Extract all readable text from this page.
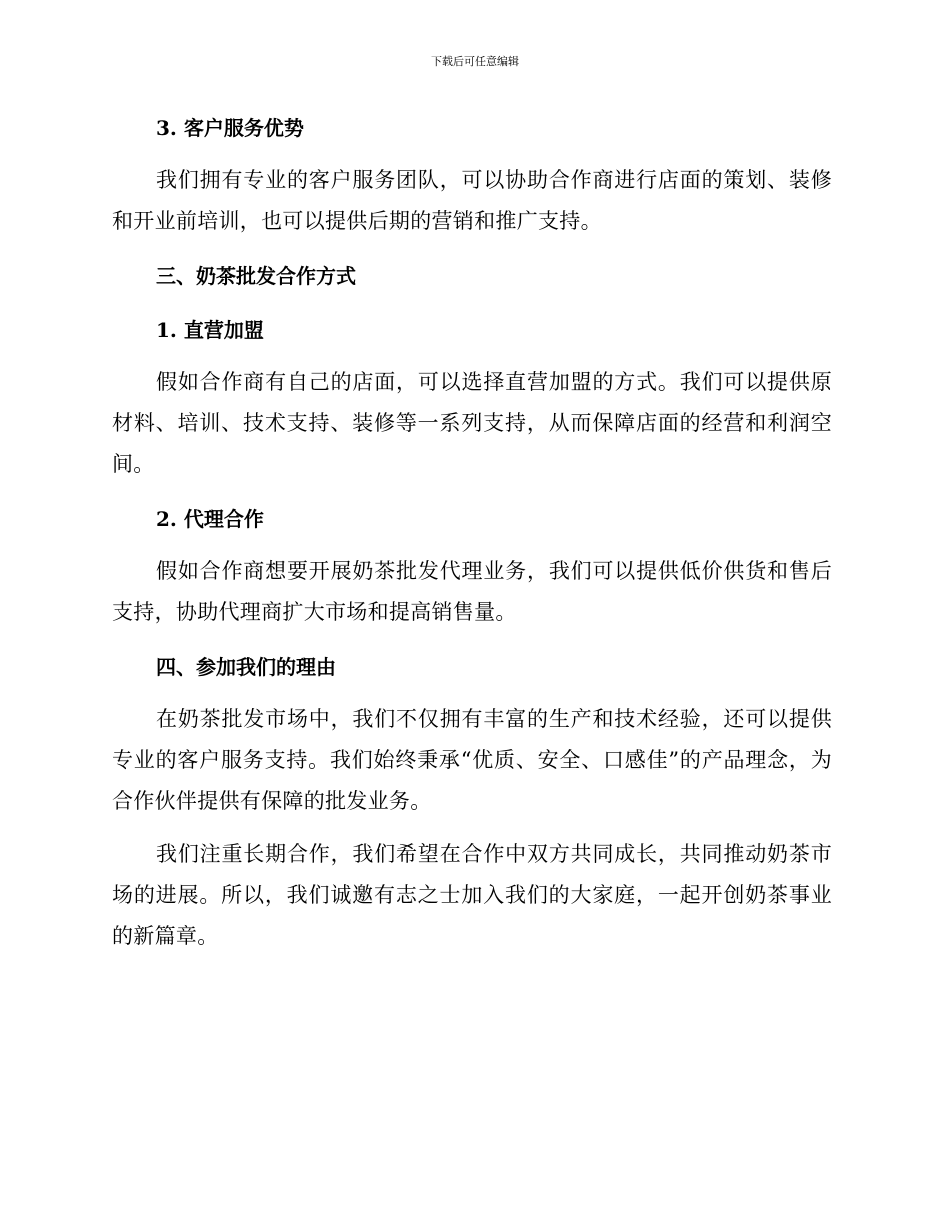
下载后可任意编辑
3. 客户服务优势

我们拥有专业的客户服务团队，可以协助合作商进行店面的策划、装修和开业前培训，也可以提供后期的营销和推广支持。

三、奶茶批发合作方式
1. 直营加盟

假如合作商有自己的店面，可以选择直营加盟的方式。我们可以提供原材料、培训、技术支持、装修等一系列支持，从而保障店面的经营和利润空间。

2. 代理合作

假如合作商想要开展奶茶批发代理业务，我们可以提供低价供货和售后支持，协助代理商扩大市场和提高销售量。

四、参加我们的理由

在奶茶批发市场中，我们不仅拥有丰富的生产和技术经验，还可以提供专业的客户服务支持。我们始终秉承“优质、安全、口感佳”的产品理念，为合作伙伴提供有保障的批发业务。

我们注重长期合作，我们希望在合作中双方共同成长，共同推动奶茶市场的进展。所以，我们诚邀有志之士加入我们的大家庭，一起开创奶茶事业的新篇章。
